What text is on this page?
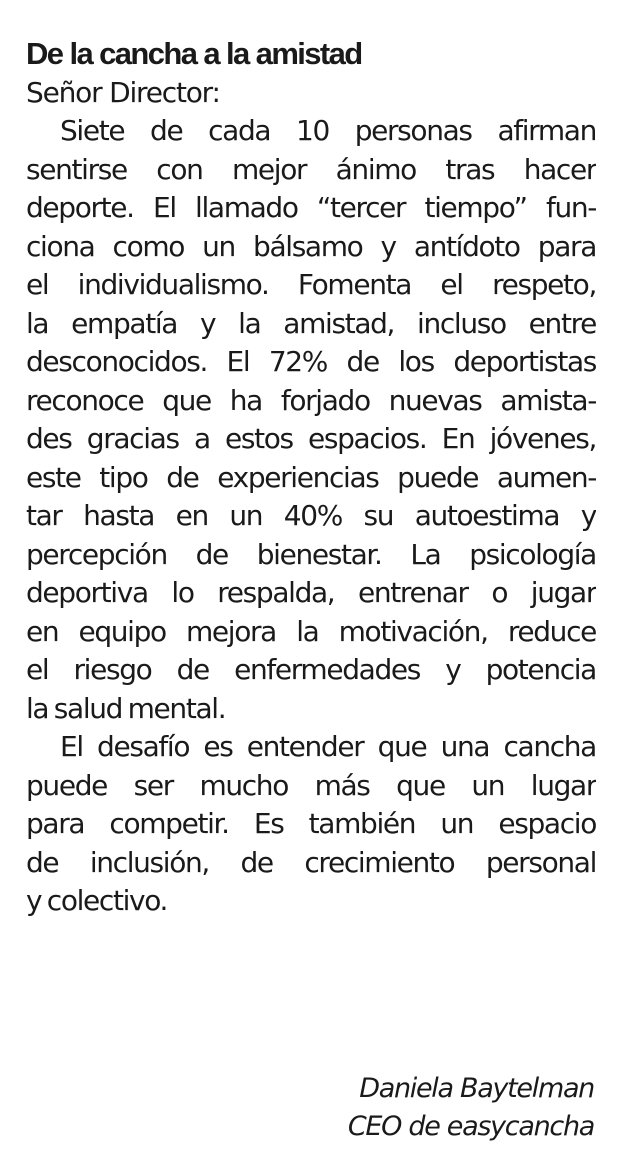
De la cancha a la amistad

Señor Director:

Siete de cada 10 personas afirman
sentirse con mejor ánimo tras hacer
deporte. El llamado “tercer tiempo” fun-
ciona como un bálsamo y antídoto para
el individualismo. Fomenta el respeto,
la empatía y la amistad, incluso entre
desconocidos. El 72% de los deportistas
reconoce que ha forjado nuevas amista-
des gracias a estos espacios. En jóvenes,
este tipo de experiencias puede aumen-
tar hasta en un 40% su autoestima y
percepción de bienestar. La psicología
deportiva lo respalda, entrenar o jugar
en equipo mejora la motivación, reduce
el riesgo de enfermedades y potencia
la salud mental.

El desafío es entender que una cancha
puede ser mucho más que un lugar
para competir. Es también un espacio
de inclusión, de crecimiento personal
y colectivo.

Daniela Baytelman
CEO de easycancha
